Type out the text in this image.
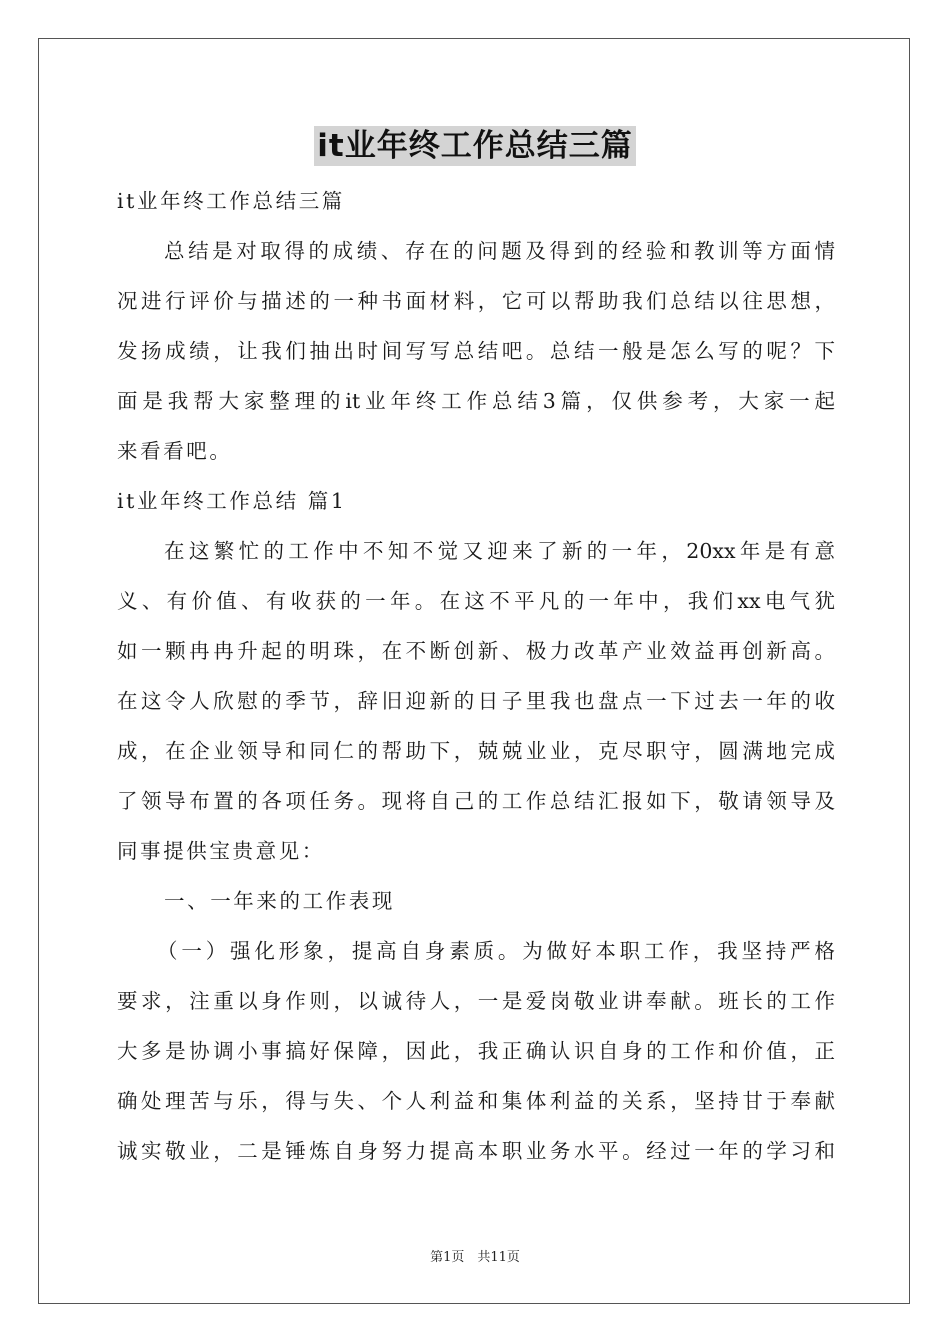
it业年终工作总结三篇
it业年终工作总结三篇
总结是对取得的成绩、存在的问题及得到的经验和教训等方面情
况进行评价与描述的一种书面材料，它可以帮助我们总结以往思想，
发扬成绩，让我们抽出时间写写总结吧。总结一般是怎么写的呢？下
面是我帮大家整理的it业年终工作总结3篇，仅供参考，大家一起
来看看吧。
it业年终工作总结 篇1
在这繁忙的工作中不知不觉又迎来了新的一年，20xx年是有意
义、有价值、有收获的一年。在这不平凡的一年中，我们xx电气犹
如一颗冉冉升起的明珠，在不断创新、极力改革产业效益再创新高。
在这令人欣慰的季节，辞旧迎新的日子里我也盘点一下过去一年的收
成，在企业领导和同仁的帮助下，兢兢业业，克尽职守，圆满地完成
了领导布置的各项任务。现将自己的工作总结汇报如下，敬请领导及
同事提供宝贵意见：
一、一年来的工作表现
（一）强化形象，提高自身素质。为做好本职工作，我坚持严格
要求，注重以身作则，以诚待人，一是爱岗敬业讲奉献。班长的工作
大多是协调小事搞好保障，因此，我正确认识自身的工作和价值，正
确处理苦与乐，得与失、个人利益和集体利益的关系，坚持甘于奉献
诚实敬业，二是锤炼自身努力提高本职业务水平。经过一年的学习和
第1页　共11页
